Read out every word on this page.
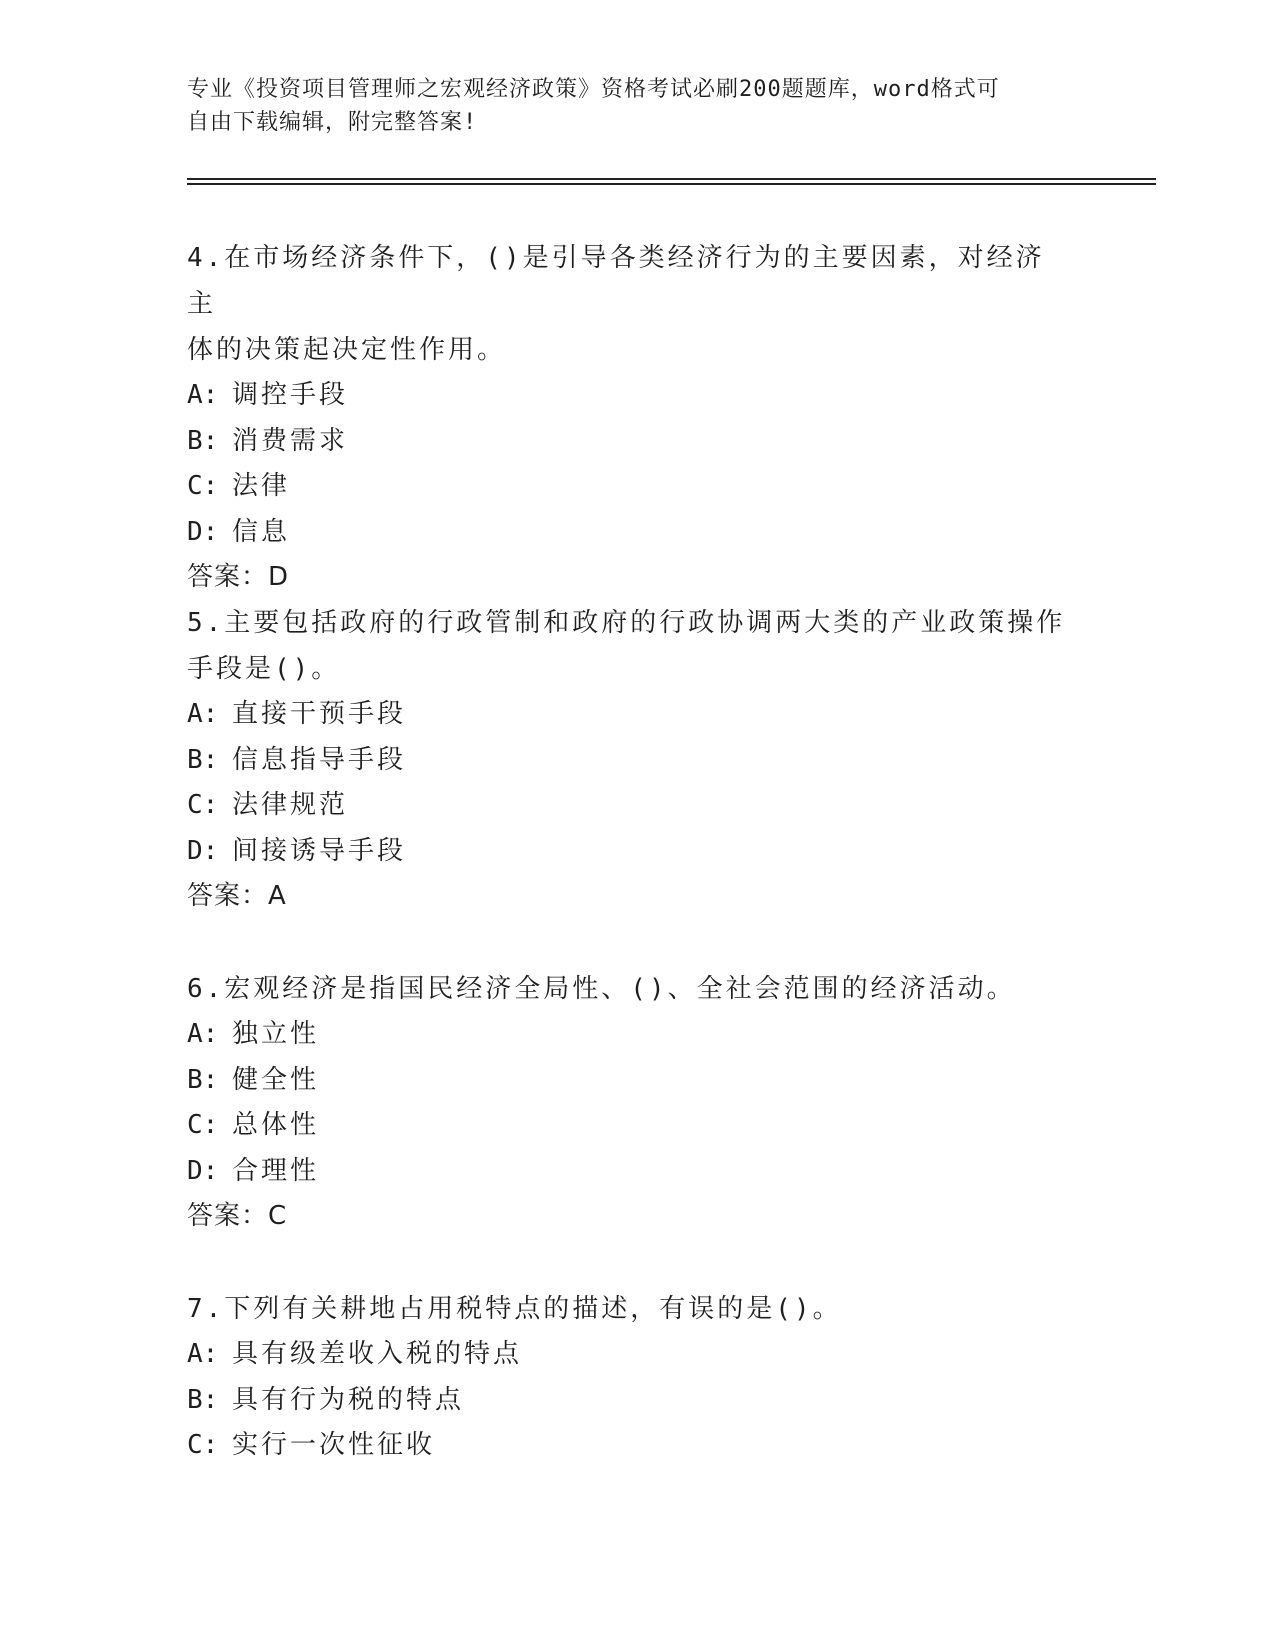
专业《投资项目管理师之宏观经济政策》资格考试必刷200题题库，word格式可
自由下载编辑，附完整答案!

4.在市场经济条件下，()是引导各类经济行为的主要因素，对经济主

体的决策起决定性作用。

A: 调控手段

B: 消费需求

C: 法律

D: 信息

答案：D

5.主要包括政府的行政管制和政府的行政协调两大类的产业政策操作

手段是()。

A: 直接干预手段

B: 信息指导手段

C: 法律规范

D: 间接诱导手段

答案：A

6.宏观经济是指国民经济全局性、()、全社会范围的经济活动。

A: 独立性

B: 健全性

C: 总体性

D: 合理性

答案：C

7.下列有关耕地占用税特点的描述，有误的是()。

A: 具有级差收入税的特点

B: 具有行为税的特点

C: 实行一次性征收
